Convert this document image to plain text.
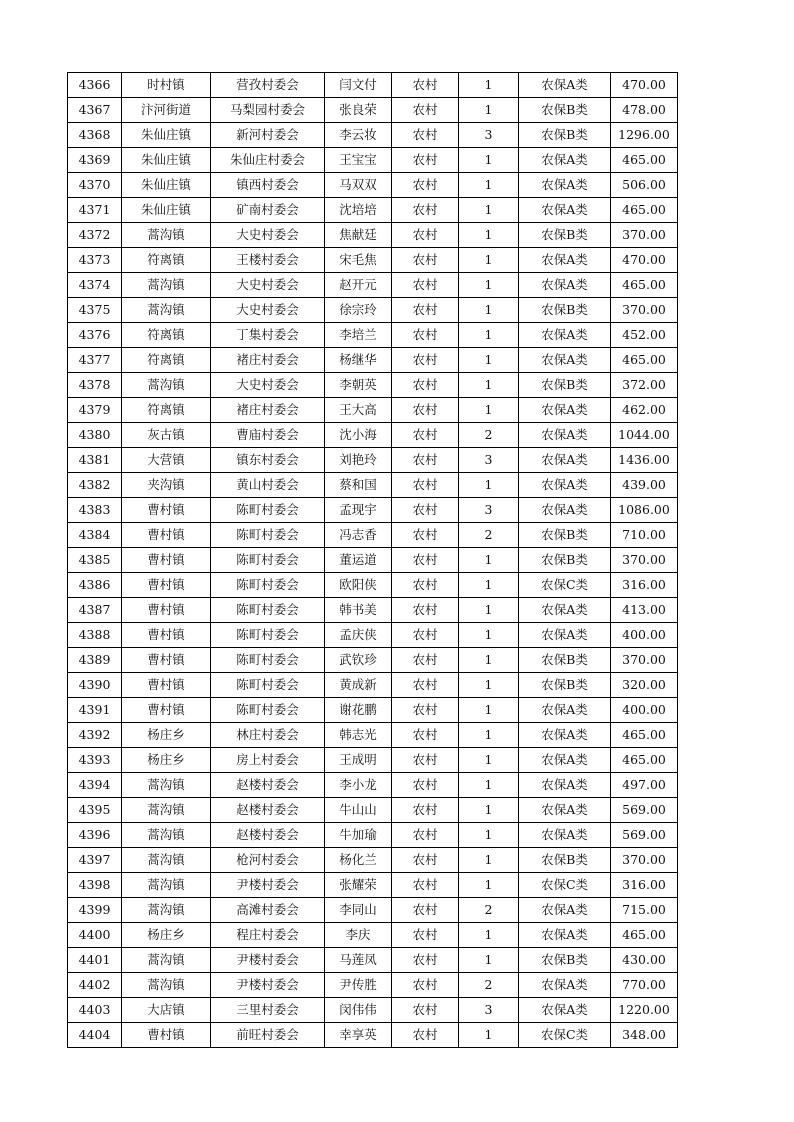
4366	时村镇	营孜村委会	闫文付	农村	1	农保A类	470.00
4367	汴河街道	马梨园村委会	张良荣	农村	1	农保B类	478.00
4368	朱仙庄镇	新河村委会	李云妆	农村	3	农保B类	1296.00
4369	朱仙庄镇	朱仙庄村委会	王宝宝	农村	1	农保A类	465.00
4370	朱仙庄镇	镇西村委会	马双双	农村	1	农保A类	506.00
4371	朱仙庄镇	矿南村委会	沈培培	农村	1	农保A类	465.00
4372	蒿沟镇	大史村委会	焦献廷	农村	1	农保B类	370.00
4373	符离镇	王楼村委会	宋毛焦	农村	1	农保A类	470.00
4374	蒿沟镇	大史村委会	赵开元	农村	1	农保A类	465.00
4375	蒿沟镇	大史村委会	徐宗玲	农村	1	农保B类	370.00
4376	符离镇	丁集村委会	李培兰	农村	1	农保A类	452.00
4377	符离镇	褚庄村委会	杨继华	农村	1	农保A类	465.00
4378	蒿沟镇	大史村委会	李朝英	农村	1	农保B类	372.00
4379	符离镇	褚庄村委会	王大高	农村	1	农保A类	462.00
4380	灰古镇	曹庙村委会	沈小海	农村	2	农保A类	1044.00
4381	大营镇	镇东村委会	刘艳玲	农村	3	农保A类	1436.00
4382	夹沟镇	黄山村委会	蔡和国	农村	1	农保A类	439.00
4383	曹村镇	陈町村委会	孟现宇	农村	3	农保A类	1086.00
4384	曹村镇	陈町村委会	冯志香	农村	2	农保B类	710.00
4385	曹村镇	陈町村委会	董运道	农村	1	农保B类	370.00
4386	曹村镇	陈町村委会	欧阳侠	农村	1	农保C类	316.00
4387	曹村镇	陈町村委会	韩书美	农村	1	农保A类	413.00
4388	曹村镇	陈町村委会	孟庆侠	农村	1	农保A类	400.00
4389	曹村镇	陈町村委会	武钦珍	农村	1	农保B类	370.00
4390	曹村镇	陈町村委会	黄成新	农村	1	农保B类	320.00
4391	曹村镇	陈町村委会	谢花鹏	农村	1	农保A类	400.00
4392	杨庄乡	林庄村委会	韩志光	农村	1	农保A类	465.00
4393	杨庄乡	房上村委会	王成明	农村	1	农保A类	465.00
4394	蒿沟镇	赵楼村委会	李小龙	农村	1	农保A类	497.00
4395	蒿沟镇	赵楼村委会	牛山山	农村	1	农保A类	569.00
4396	蒿沟镇	赵楼村委会	牛加瑜	农村	1	农保A类	569.00
4397	蒿沟镇	枪河村委会	杨化兰	农村	1	农保B类	370.00
4398	蒿沟镇	尹楼村委会	张耀荣	农村	1	农保C类	316.00
4399	蒿沟镇	高滩村委会	李同山	农村	2	农保A类	715.00
4400	杨庄乡	程庄村委会	李庆	农村	1	农保A类	465.00
4401	蒿沟镇	尹楼村委会	马莲凤	农村	1	农保B类	430.00
4402	蒿沟镇	尹楼村委会	尹传胜	农村	2	农保A类	770.00
4403	大店镇	三里村委会	闵伟伟	农村	3	农保A类	1220.00
4404	曹村镇	前旺村委会	幸享英	农村	1	农保C类	348.00
